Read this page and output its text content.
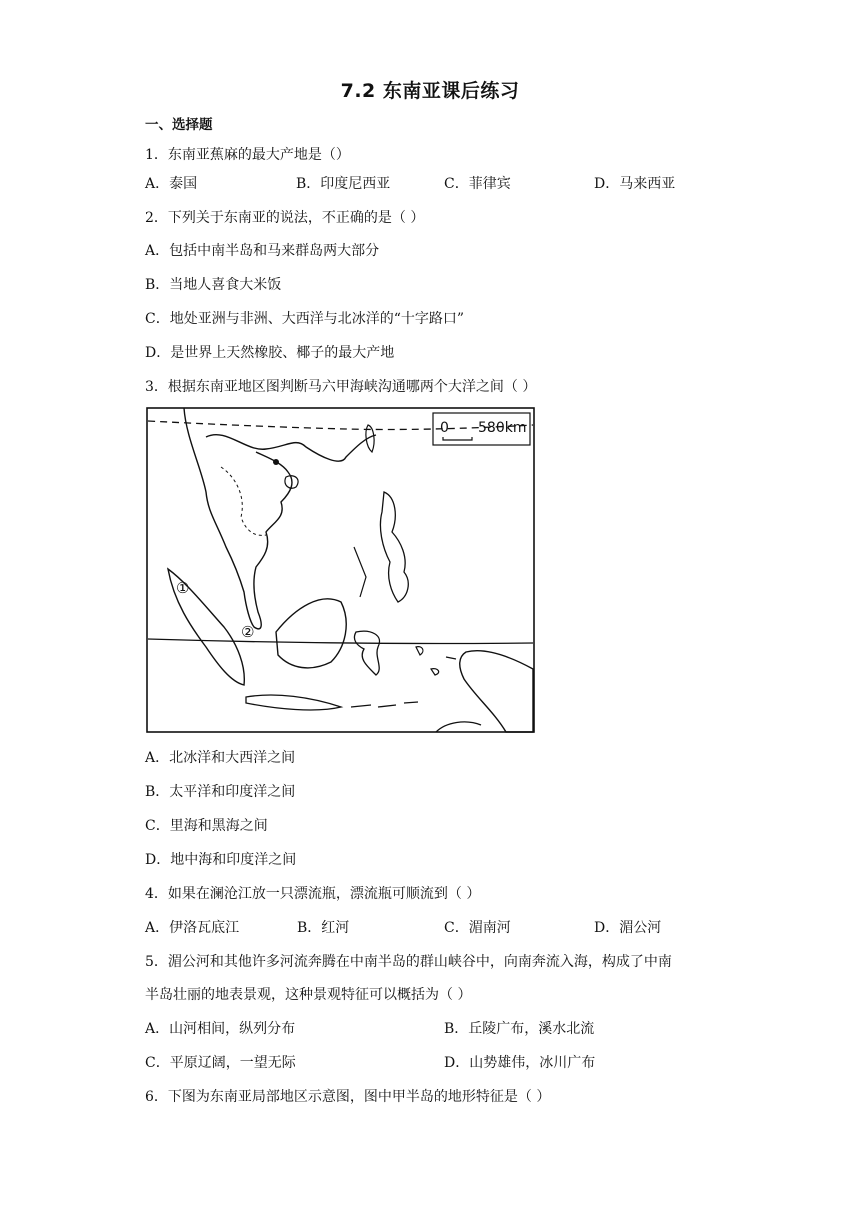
7.2 东南亚课后练习
一、选择题
1．东南亚蕉麻的最大产地是（）
A．泰国	B．印度尼西亚	C．菲律宾	D．马来西亚
2．下列关于东南亚的说法，不正确的是（ ）
A．包括中南半岛和马来群岛两大部分
B．当地人喜食大米饭
C．地处亚洲与非洲、大西洋与北冰洋的“十字路口”
D．是世界上天然橡胶、椰子的最大产地
3．根据东南亚地区图判断马六甲海峡沟通哪两个大洋之间（ ）
0 580km
①
②
A．北冰洋和大西洋之间
B．太平洋和印度洋之间
C．里海和黑海之间
D．地中海和印度洋之间
4．如果在澜沧江放一只漂流瓶，漂流瓶可顺流到（ ）
A．伊洛瓦底江	B．红河	C．湄南河	D．湄公河
5．湄公河和其他许多河流奔腾在中南半岛的群山峡谷中，向南奔流入海，构成了中南
半岛壮丽的地表景观，这种景观特征可以概括为（ ）
A．山河相间，纵列分布	B．丘陵广布，溪水北流
C．平原辽阔，一望无际	D．山势雄伟，冰川广布
6．下图为东南亚局部地区示意图，图中甲半岛的地形特征是（ ）
